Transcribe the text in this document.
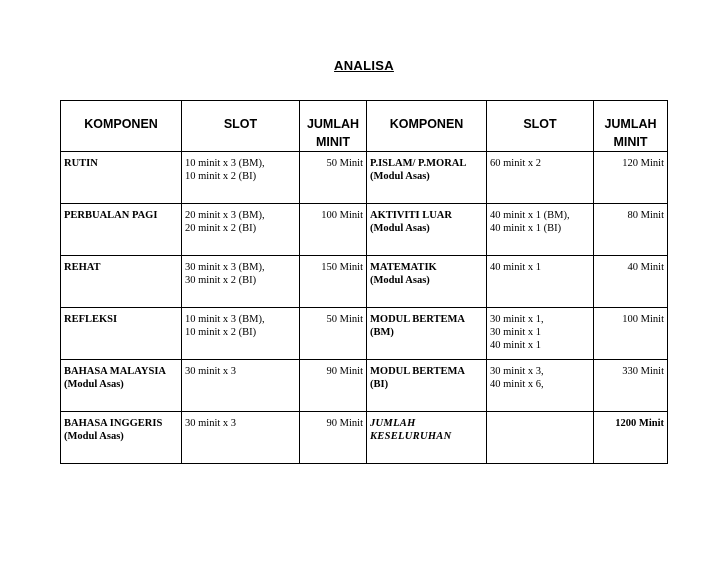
ANALISA
KOMPONEN	SLOT	JUMLAH
MINIT	KOMPONEN	SLOT	JUMLAH
MINIT

RUTIN	10 minit x 3 (BM),
10 minit x 2 (BI)	50 Minit	P.ISLAM/ P.MORAL
(Modul Asas)	60 minit x 2	120 Minit

PERBUALAN PAGI	20 minit x 3 (BM),
20 minit x 2 (BI)	100 Minit	AKTIVITI LUAR
(Modul Asas)	40 minit x 1 (BM),
40 minit x 1 (BI)	80 Minit

REHAT	30 minit x 3 (BM),
30 minit x 2 (BI)	150 Minit	MATEMATIK
(Modul Asas)	40 minit x 1	40 Minit

REFLEKSI	10 minit x 3 (BM),
10 minit x 2 (BI)	50 Minit	MODUL BERTEMA
(BM)	30 minit x 1,
30 minit x 1
40 minit x 1	100 Minit

BAHASA MALAYSIA
(Modul Asas)	30 minit x 3	90 Minit	MODUL BERTEMA
(BI)	30 minit x 3,
40 minit x 6,	330 Minit

BAHASA INGGERIS
(Modul Asas)	30 minit x 3	90 Minit	JUMLAH
KESELURUHAN		1200 Minit
